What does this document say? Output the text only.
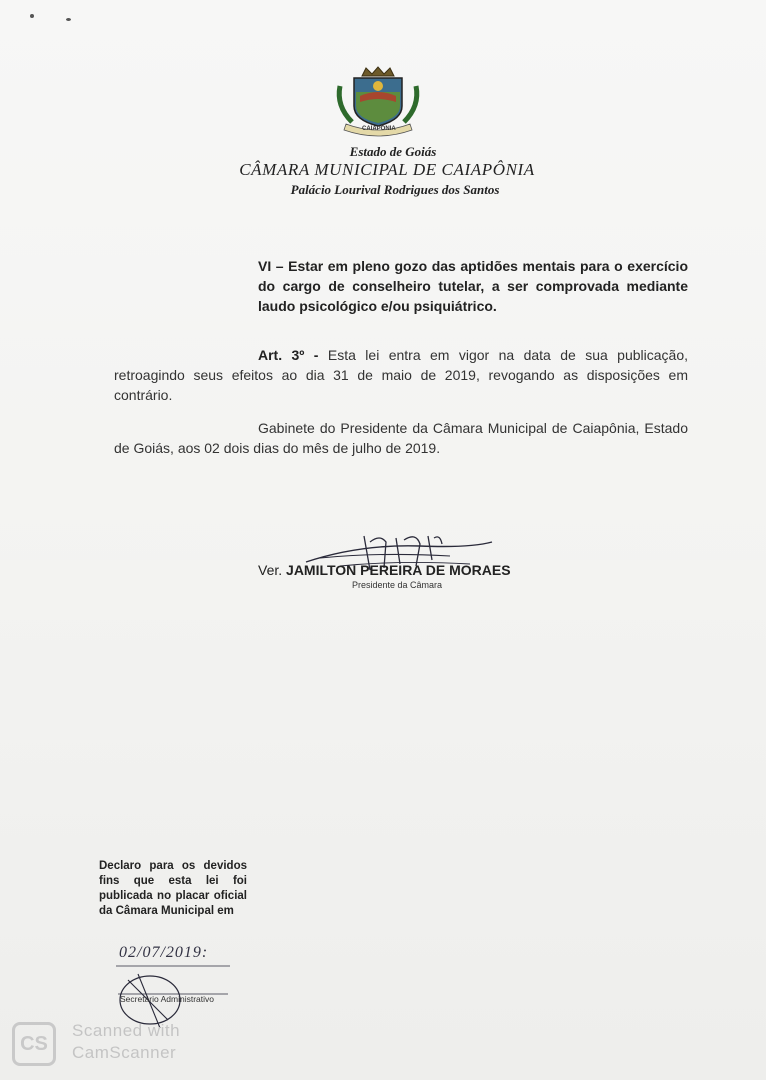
CAIAPÔNIA
Estado de Goiás
CÂMARA MUNICIPAL DE CAIAPÔNIA
Palácio Lourival Rodrigues dos Santos
VI – Estar em pleno gozo das aptidões mentais para o exercício do cargo de conselheiro tutelar, a ser comprovada mediante laudo psicológico e/ou psiquiátrico.
Art. 3º - Esta lei entra em vigor na data de sua publicação, retroagindo seus efeitos ao dia 31 de maio de 2019, revogando as disposições em contrário.
Gabinete do Presidente da Câmara Municipal de Caiapônia, Estado de Goiás, aos 02 dois dias do mês de julho de 2019.
Ver. JAMILTON PEREIRA DE MORAES
Presidente da Câmara
Declaro para os devidos fins que esta lei foi publicada no placar oficial da Câmara Municipal em
02/07/2019:
Secretário Administrativo
CS
Scanned with
CamScanner
